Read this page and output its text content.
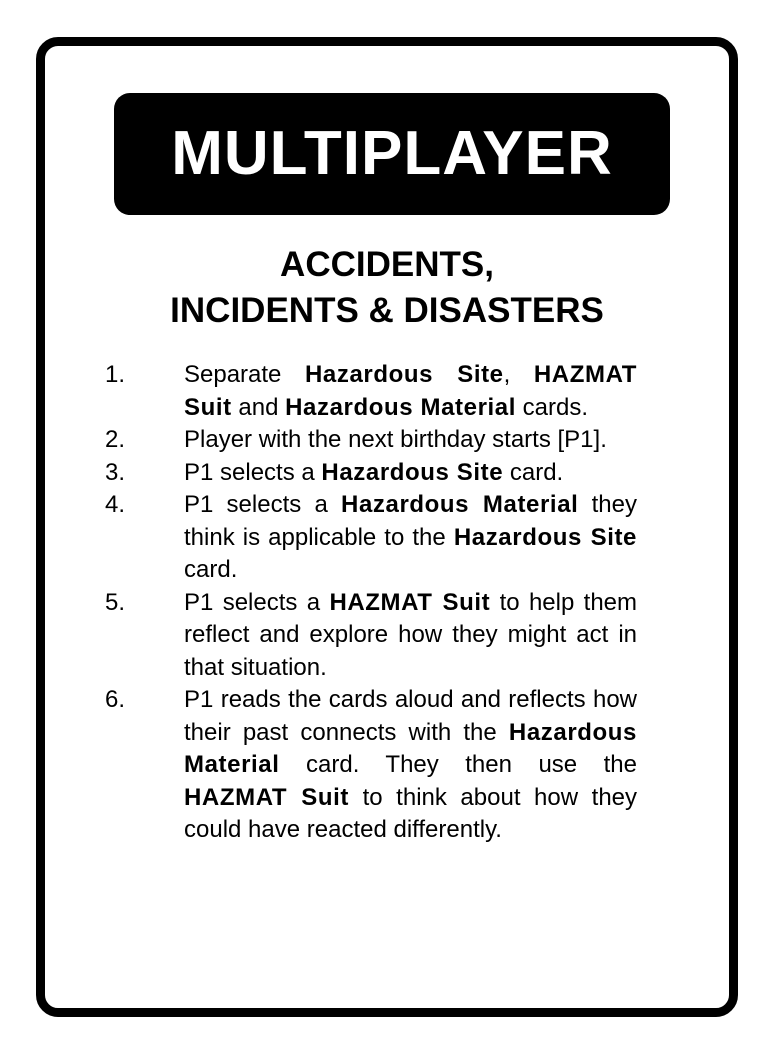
MULTIPLAYER
ACCIDENTS,
INCIDENTS & DISASTERS
1.	Separate Hazardous Site, HAZMAT Suit and Hazardous Material cards.
2.	Player with the next birthday starts [P1].
3.	P1 selects a Hazardous Site card.
4.	P1 selects a Hazardous Material they think is applicable to the Hazardous Site card.
5.	P1 selects a HAZMAT Suit to help them reflect and explore how they might act in that situation.
6.	P1 reads the cards aloud and reflects how their past connects with the Hazardous Material card. They then use the HAZMAT Suit to think about how they could have reacted differently.
